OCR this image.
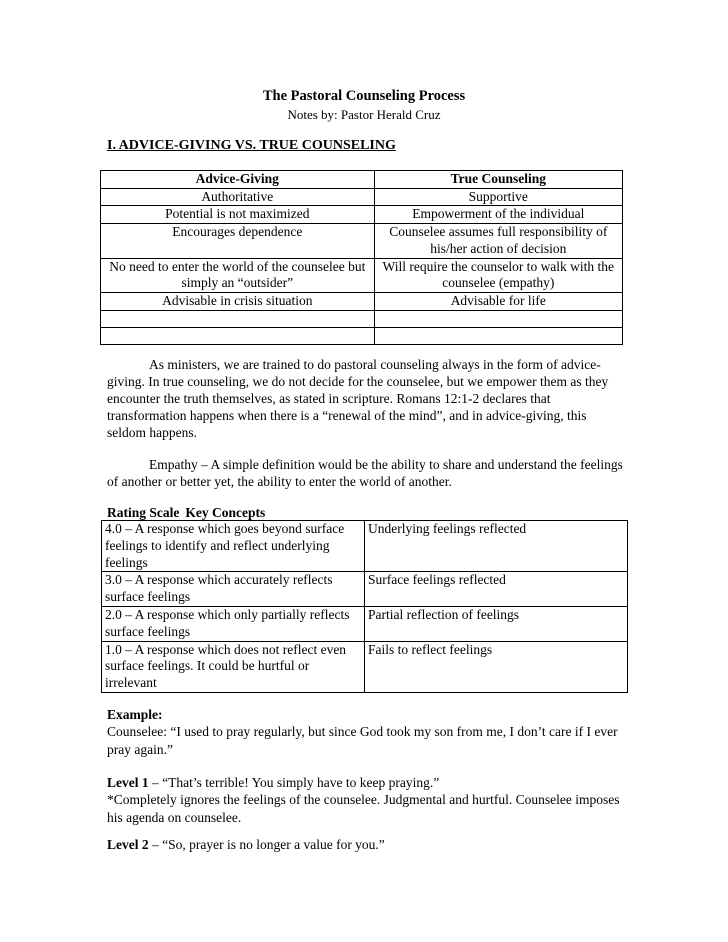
The Pastoral Counseling Process
Notes by: Pastor Herald Cruz
I. ADVICE-GIVING VS. TRUE COUNSELING
Advice-Giving	True Counseling
Authoritative	Supportive
Potential is not maximized	Empowerment of the individual
Encourages dependence	Counselee assumes full responsibility of his/her action of decision
No need to enter the world of the counselee but simply an “outsider”	Will require the counselor to walk with the counselee (empathy)
Advisable in crisis situation	Advisable for life

As ministers, we are trained to do pastoral counseling always in the form of advice-giving. In true counseling, we do not decide for the counselee, but we empower them as they encounter the truth themselves, as stated in scripture. Romans 12:1-2 declares that transformation happens when there is a “renewal of the mind”, and in advice-giving, this seldom happens.
Empathy – A simple definition would be the ability to share and understand the feelings of another or better yet, the ability to enter the world of another.
Rating Scale Key Concepts
4.0 – A response which goes beyond surface feelings to identify and reflect underlying feelings	Underlying feelings reflected
3.0 – A response which accurately reflects surface feelings	Surface feelings reflected
2.0 – A response which only partially reflects surface feelings	Partial reflection of feelings
1.0 – A response which does not reflect even surface feelings. It could be hurtful or irrelevant	Fails to reflect feelings
Example:
Counselee: “I used to pray regularly, but since God took my son from me, I don’t care if I ever pray again.”
Level 1 – “That’s terrible! You simply have to keep praying.”
*Completely ignores the feelings of the counselee. Judgmental and hurtful. Counselee imposes his agenda on counselee.
Level 2 – “So, prayer is no longer a value for you.”
